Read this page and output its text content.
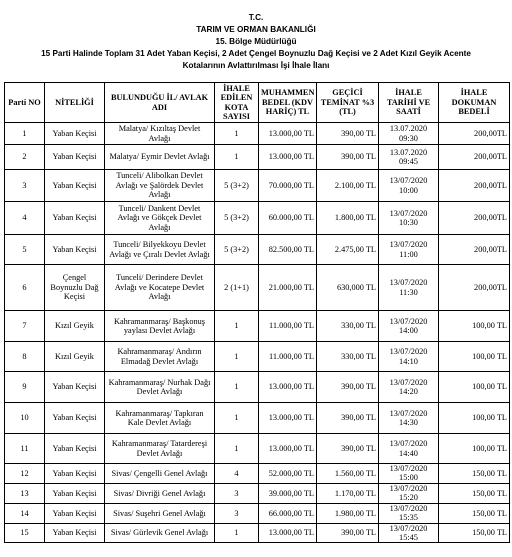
T.C.
TARIM VE ORMAN BAKANLIĞI
15. Bölge Müdürlüğü
15 Parti Halinde Toplam 31 Adet Yaban Keçisi, 2 Adet Çengel Boynuzlu Dağ Keçisi ve 2 Adet Kızıl Geyik Acente
Kotalarının Avlattırılması İşi İhale İlanı
Parti NO	NİTELİĞİ	BULUNDUĞU İL/ AVLAK ADI	İHALE EDİLEN KOTA SAYISI	MUHAMMEN BEDEL (KDV HARİÇ) TL	GEÇİCİ TEMİNAT %3 (TL)	İHALE TARİHİ VE SAATİ	İHALE DOKUMAN BEDELİ
1	Yaban Keçisi	Malatya/ Kızıltaş Devlet Avlağı	1	13.000,00 TL	390,00 TL	13.07.2020 09:30	200,00TL
2	Yaban Keçisi	Malatya/ Eymir Devlet Avlağı	1	13.000,00 TL	390,00 TL	13.07.2020 09:45	200,00TL
3	Yaban Keçisi	Tunceli/ Alibolkan Devlet Avlağı ve Şalördek Devlet Avlağı	5 (3+2)	70.000,00 TL	2.100,00 TL	13/07/2020 10:00	200,00TL
4	Yaban Keçisi	Tunceli/ Dankent Devlet Avlağı ve Gökçek Devlet Avlağı	5 (3+2)	60.000,00 TL	1.800,00 TL	13/07/2020 10:30	200,00TL
5	Yaban Keçisi	Tunceli/ Bilyekkoyu Devlet Avlağı ve Çıralı Devlet Avlağı	5 (3+2)	82.500,00 TL	2.475,00 TL	13/07/2020 11:00	200,00TL
6	Çengel Boynuzlu Dağ Keçisi	Tunceli/ Derindere Devlet Avlağı ve Kocatepe Devlet Avlağı	2 (1+1)	21.000,00 TL	630,000 TL	13/07/2020 11:30	200,00TL
7	Kızıl Geyik	Kahramanmaraş/ Başkonuş yaylası Devlet Avlağı	1	11.000,00 TL	330,00 TL	13/07/2020 14:00	100,00 TL
8	Kızıl Geyik	Kahramanmaraş/ Andırın Elmadağ Devlet Avlağı	1	11.000,00 TL	330,00 TL	13/07/2020 14:10	100,00 TL
9	Yaban Keçisi	Kahramanmaraş/ Nurhak Dağı Devlet Avlağı	1	13.000,00 TL	390,00 TL	13/07/2020 14:20	100,00 TL
10	Yaban Keçisi	Kahramanmaraş/ Tapkıran Kale Devlet Avlağı	1	13.000,00 TL	390,00 TL	13/07/2020 14:30	100,00 TL
11	Yaban Keçisi	Kahramanmaraş/ Tatardereşi Devlet Avlağı	1	13.000,00 TL	390,00 TL	13/07/2020 14:40	100,00 TL
12	Yaban Keçisi	Sivas/ Çengelli Genel Avlağı	4	52.000,00 TL	1.560,00 TL	13/07/2020 15:00	150,00 TL
13	Yaban Keçisi	Sivas/ Divriği Genel Avlağı	3	39.000,00 TL	1.170,00 TL	13/07/2020 15:20	150,00 TL
14	Yaban Keçisi	Sivas/ Suşehri Genel Avlağı	3	66.000,00 TL	1.980,00 TL	13/07/2020 15:35	150,00 TL
15	Yaban Keçisi	Sivas/ Gürlevik Genel Avlağı	1	13.000,00 TL	390,00 TL	13/07/2020 15:45	150,00 TL
